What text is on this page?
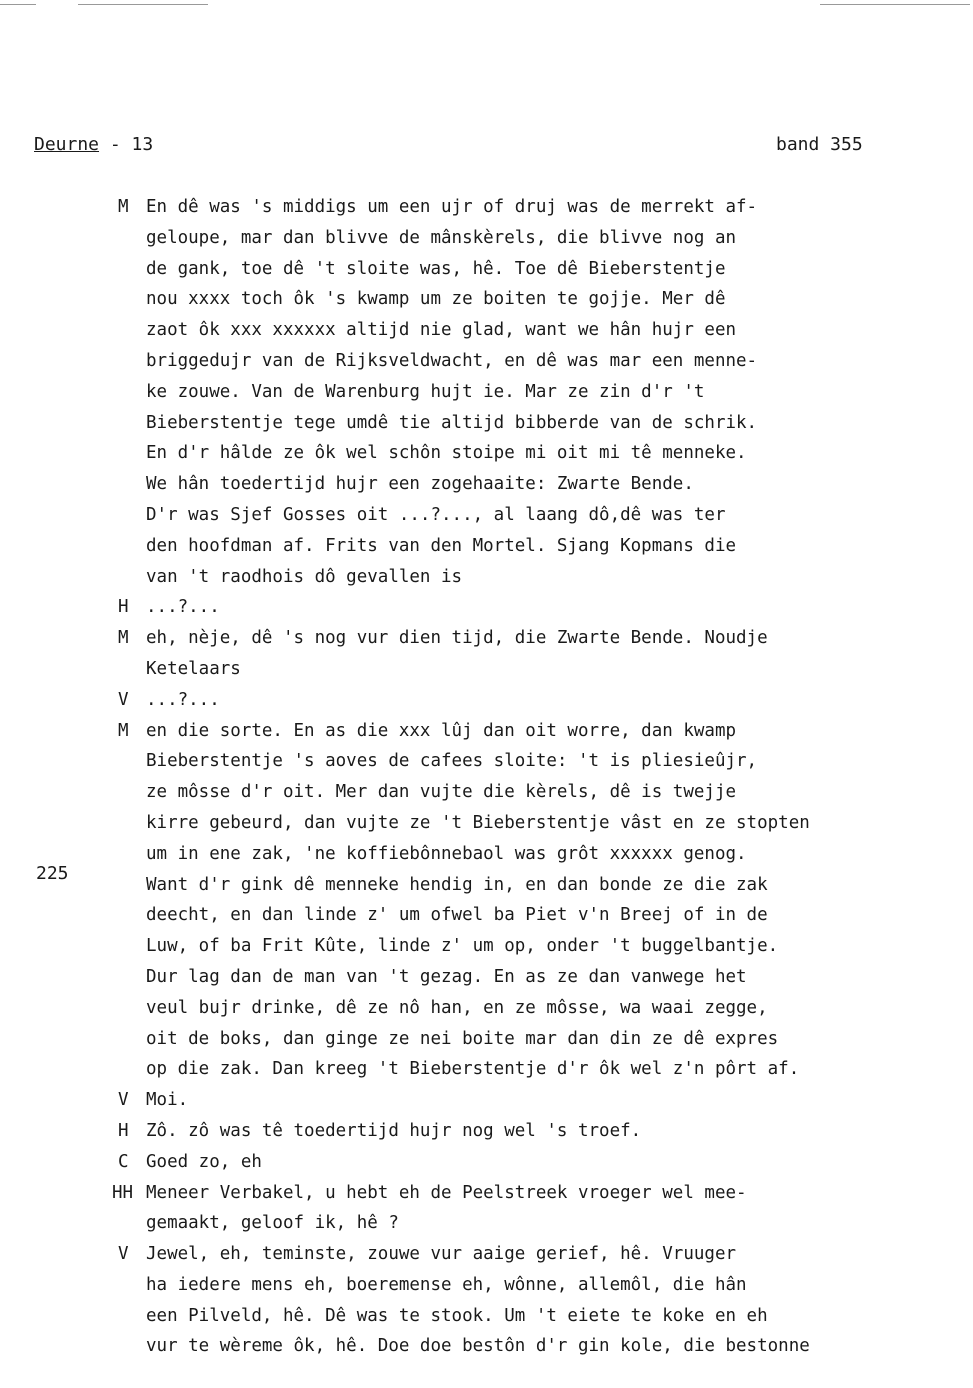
Deurne - 13	band 355
225
M En dê was 's middigs um een ujr of druj was de merrekt af-
geloupe, mar dan blivve de mânskèrels, die blivve nog an
de gank, toe dê 't sloite was, hê. Toe dê Bieberstentje
nou xxxx toch ôk 's kwamp um ze boiten te gojje. Mer dê
zaot ôk xxx xxxxxx altijd nie glad, want we hân hujr een
briggedujr van de Rijksveldwacht, en dê was mar een menne-
ke zouwe. Van de Warenburg hujt ie. Mar ze zin d'r 't
Bieberstentje tege umdê tie altijd bibberde van de schrik.
En d'r hâlde ze ôk wel schôn stoipe mi oit mi tê menneke.
We hân toedertijd hujr een zogehaaite: Zwarte Bende.
D'r was Sjef Gosses oit ...?..., al laang dô,dê was ter
den hoofdman af. Frits van den Mortel. Sjang Kopmans die
van 't raodhois dô gevallen is
H ...?...
M eh, nèje, dê 's nog vur dien tijd, die Zwarte Bende. Noudje
Ketelaars
V ...?...
M en die sorte. En as die xxx lûj dan oit worre, dan kwamp
Bieberstentje 's aoves de cafees sloite: 't is pliesieûjr,
ze môsse d'r oit. Mer dan vujte die kèrels, dê is twejje
kirre gebeurd, dan vujte ze 't Bieberstentje vâst en ze stopten
um in ene zak, 'ne koffiebônnebaol was grôt xxxxxx genog.
Want d'r gink dê menneke hendig in, en dan bonde ze die zak
deecht, en dan linde z' um ofwel ba Piet v'n Breej of in de
Luw, of ba Frit Kûte, linde z' um op, onder 't buggelbantje.
Dur lag dan de man van 't gezag. En as ze dan vanwege het
veul bujr drinke, dê ze nô han, en ze môsse, wa waai zegge,
oit de boks, dan ginge ze nei boite mar dan din ze dê expres
op die zak. Dan kreeg 't Bieberstentje d'r ôk wel z'n pôrt af.
V Moi.
H Zô. zô was tê toedertijd hujr nog wel 's troef.
C Goed zo, eh
HH Meneer Verbakel, u hebt eh de Peelstreek vroeger wel mee-
gemaakt, geloof ik, hê ?
V Jewel, eh, teminste, zouwe vur aaige gerief, hê. Vruuger
ha iedere mens eh, boeremense eh, wônne, allemôl, die hân
een Pilveld, hê. Dê was te stook. Um 't eiete te koke en eh
vur te wèreme ôk, hê. Doe doe bestôn d'r gin kole, die bestonne
